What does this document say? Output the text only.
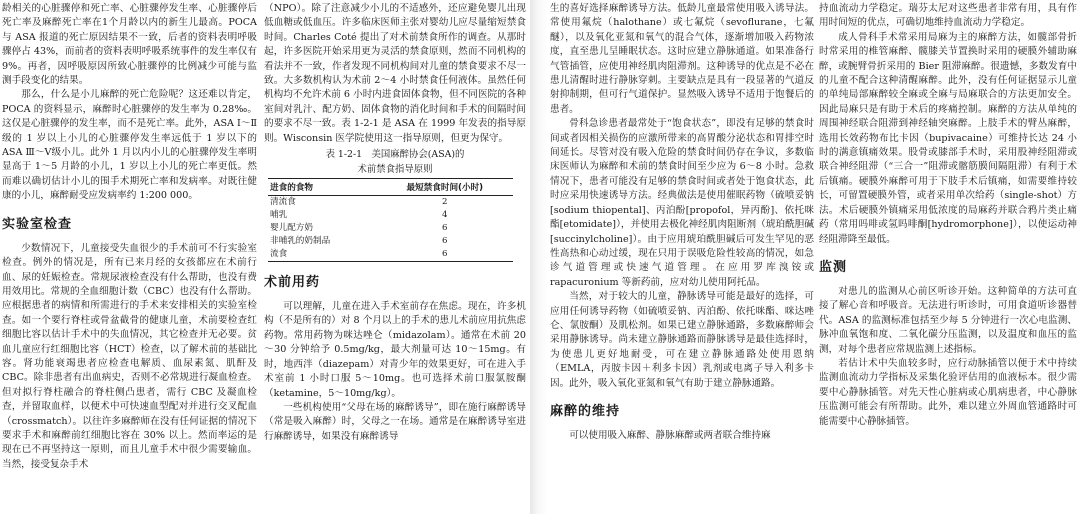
龄相关的心脏骤停和死亡率、心脏骤停发生率、心脏骤停后死亡率及麻醉死亡率在1个月龄以内的新生儿最高。POCA 与 ASA 报道的死亡原因结果不一致，后者的资料表明呼吸骤停占 43%，而前者的资料表明呼吸系统事件的发生率仅有 9%。再者，因呼吸原因所致心脏骤停的比例减少可能与监测手段变化的结果。

那么，什么是小儿麻醉的死亡危险呢？这还难以肯定，POCA 的资料显示，麻醉时心脏骤停的发生率为 0.28‰。这仅是心脏骤停的发生率，而不是死亡率。此外，ASA Ⅰ～Ⅱ级的 1 岁以上小儿的心脏骤停发生率远低于 1 岁以下的 ASA Ⅲ～Ⅴ级小儿。此外 1 月以内小儿的心脏骤停发生率明显高于 1～5 月龄的小儿，1 岁以上小儿的死亡率更低。然而难以确切估计小儿的围手术期死亡率和发病率。对既往健康的小儿，麻醉耐受应发病率约 1:200 000。

实验室检查

少数情况下，儿童接受失血很少的手术前可不行实验室检查。例外的情况是，所有已来月经的女孩都应在术前行血、尿的妊娠检查。常规尿液检查没有什么帮助，也没有费用效用比。常规的全血细胞计数（CBC）也没有什么帮助。应根据患者的病情和所需进行的手术来安排相关的实验室检查。如一个要行脊柱或骨盆截骨的健康儿童，术前要检查红细胞比容以估计手术中的失血情况，其它检查并无必要。贫血儿童应行红细胞比容（HCT）检查，以了解术前的基础比容。肾功能衰竭患者应检查电解质、血尿素氮、肌酐及 CBC。除非患者有出血病史，否则不必常规进行凝血检查。但对拟行脊柱融合的脊柱侧凸患者，需行 CBC 及凝血检查，并留取血样，以便术中可快速血型配对并进行交叉配血（crossmatch）。以往许多麻醉师在没有任何证据的情况下要求手术和麻醉前红细胞比容在 30% 以上。然而率运的是现在已不再坚持这一原则，而且儿童手术中很少需要输血。当然，接受复杂手术

（NPO）。除了注意减少小儿的不适感外，还应避免婴儿出现低血糖或低血压。许多临床医师主张对婴幼儿应尽量缩短禁食时间。Charles Coté 提出了对术前禁食所作的调查。从那时起，许多医院开始采用更为灵活的禁食原则，然而不同机构的看法并不一致，作者发现不同机构间对儿童的禁食要求不尽一致。大多数机构认为术前 2～4 小时禁食任何液体。虽然任何机构均不允许术前 6 小时内进食固体食物，但不同医院的各种室间对乳汁、配方奶、固体食物的消化时间和手术的间隔时间的要求不尽一致。表 1-2-1 是 ASA 在 1999 年发表的指导原则。Wisconsin 医学院使用这一指导原则，但更为保守。

表 1-2-1　美国麻醉协会(ASA)的

术前禁食指导原则

进食的食物	最短禁食时间(小时)
清流食	2
哺乳	4
婴儿配方奶	6
非哺乳的奶制品	6
流食	6
术前用药

可以理解，儿童在进入手术室前存在焦虑。现在，许多机构（不是所有的）对 8 个月以上的手术的患儿术前应用抗焦虑药物。常用药物为咪达唑仑（midazolam）。通常在术前 20～30 分钟给予 0.5mg/kg，最大剂量可达 10～15mg。有时，地西泮（diazepam）对青少年的效果更好，可在进入手术室前 1 小时口服 5～10mg。也可选择术前口服氯胺酮（ketamine，5～10mg/kg）。

一些机构使用“父母在场的麻醉诱导”，即在施行麻醉诱导（常是吸入麻醉）时，父母之一在场。通常是在麻醉诱导室进行麻醉诱导，如果没有麻醉诱导

生的喜好选择麻醉诱导方法。低龄儿童最常使用吸入诱导法。常使用氟烷（halothane）或七氟烷（sevoflurane，七氟醚），以及氧化亚氮和氧气的混合气体，逐渐增加吸入药物浓度，直至患儿呈睡眠状态。这时应建立静脉通道。如果准备行气管插管，应使用神经肌肉阻滞剂。这种诱导的优点是不必在患儿清醒时进行静脉穿刺。主要缺点是具有一段显著的气道反射抑制期，但可行气道保护。显然吸入诱导不适用于饱餐后的患者。

骨科急诊患者最常处于“饱食状态”，即没有足够的禁食时间或者因相关损伤的应激所带来的高胃酸分泌状态和胃排空时间延长。尽管对没有吸入危险的禁食时间仍存在争议，多数临床医师认为麻醉和术前的禁食时间至少应为 6～8 小时。急救情况下，患者可能没有足够的禁食时间或者处于饱食状态，此时应采用快速诱导方法。经典做法是使用催眠药物（硫喷妥钠[sodium thiopental]、丙泊酚[propofol，异丙酚]、依托咪酯[etomidate]），并使用去极化神经肌肉阻断剂（琥珀酰胆碱[succinylcholine]）。由于应用琥珀酰胆碱后可发生罕见的恶性高热和心动过缓，现在只用于误吸危险性较高的情况，如急诊气道管理或快速气道管理。在应用罗库溴铵或 rapacuronium 等新药前，应对幼儿使用阿托品。

当然，对于较大的儿童，静脉诱导可能是最好的选择，可应用任何诱导药物（如硫喷妥钠、丙泊酚、依托咪酯、咪达唑仑、氯胺酮）及肌松剂。如果已建立静脉通路，多数麻醉师会采用静脉诱导。尚未建立静脉通路而静脉诱导是最佳选择时，为使患儿更好地耐受，可在建立静脉通路处使用恩纳（EMLA，丙胺卡因＋利多卡因）乳剂或电离子导入利多卡因。此外，吸入氧化亚氮和氧气有助于建立静脉通路。

麻醉的维持

可以使用吸入麻醉、静脉麻醉或两者联合维持麻

持血流动力学稳定。瑞芬太尼对这些患者非常有用，具有作用时间短的优点，可确切地维持血流动力学稳定。

成人骨科手术常采用局麻为主的麻醉方法，如髋部骨折时常采用的椎管麻醉、髋膝关节置换时采用的硬膜外辅助麻醉，或腕臂骨折采用的 Bier 阻滞麻醉。很遗憾，多数发育中的儿童不配合这种清醒麻醉。此外，没有任何证据显示儿童的单纯局部麻醉较全麻或全麻与局麻联合的方法更加安全。因此局麻只是有助于术后的疼痛控制。麻醉的方法从单纯的周围神经联合阻滞到神经轴突麻醉。上肢手术的臂丛麻醉，选用长效药物布比卡因（bupivacaine）可维持长达 24 小时的满意镇痛效果。股骨或膝部手术时，采用股神经阻滞或联合神经阻滞（“三合一”阻滞或髂筋膜间隔阻滞）有利于术后镇痛。硬膜外麻醉可用于下肢手术后镇痛，如需要维持较长，可留置硬膜外管，或者采用单次给药（single-shot）方法。术后硬膜外镇痛采用低浓度的局麻药并联合鸦片类止痛药（常用吗啡或氢吗啡酮[hydromorphone]），以使运动神经阻滞降至最低。

监测

对患儿的监测从心前区听诊开始。这种简单的方法可直接了解心音和呼吸音。无法进行听诊时，可用食道听诊器替代。ASA 的监测标准包括至少每 5 分钟进行一次心电监测、脉冲血氧饱和度、二氧化碳分压监测，以及温度和血压的监测，对每个患者应常规监测上述指标。

若估计术中失血较多时，应行动脉插管以便于术中持续监测血流动力学指标及采集化验评估用的血液标本。很少需要中心静脉插管。对先天性心脏病或心肌病患者，中心静脉压监测可能会有所帮助。此外，难以建立外周血管通路时可能需要中心静脉插管。
